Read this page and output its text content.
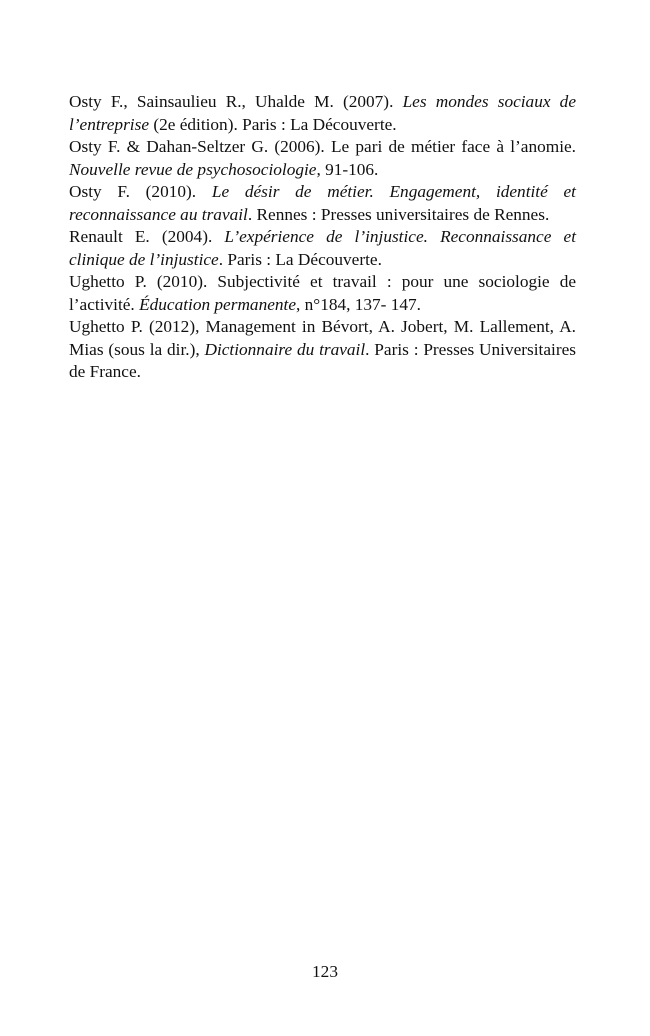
Osty F., Sainsaulieu R., Uhalde M. (2007). Les mondes sociaux de l’entreprise (2e édition). Paris : La Découverte.
Osty F. & Dahan-Seltzer G. (2006). Le pari de métier face à l’anomie. Nouvelle revue de psychosociologie, 91-106.
Osty F. (2010). Le désir de métier. Engagement, identité et reconnaissance au travail. Rennes : Presses universitaires de Rennes.
Renault E. (2004). L’expérience de l’injustice. Reconnaissance et clinique de l’injustice. Paris : La Découverte.
Ughetto P. (2010). Subjectivité et travail : pour une sociologie de l’activité. Éducation permanente, n°184, 137- 147.
Ughetto P. (2012), Management in Bévort, A. Jobert, M. Lallement, A. Mias (sous la dir.), Dictionnaire du travail. Paris : Presses Universitaires de France.
123
